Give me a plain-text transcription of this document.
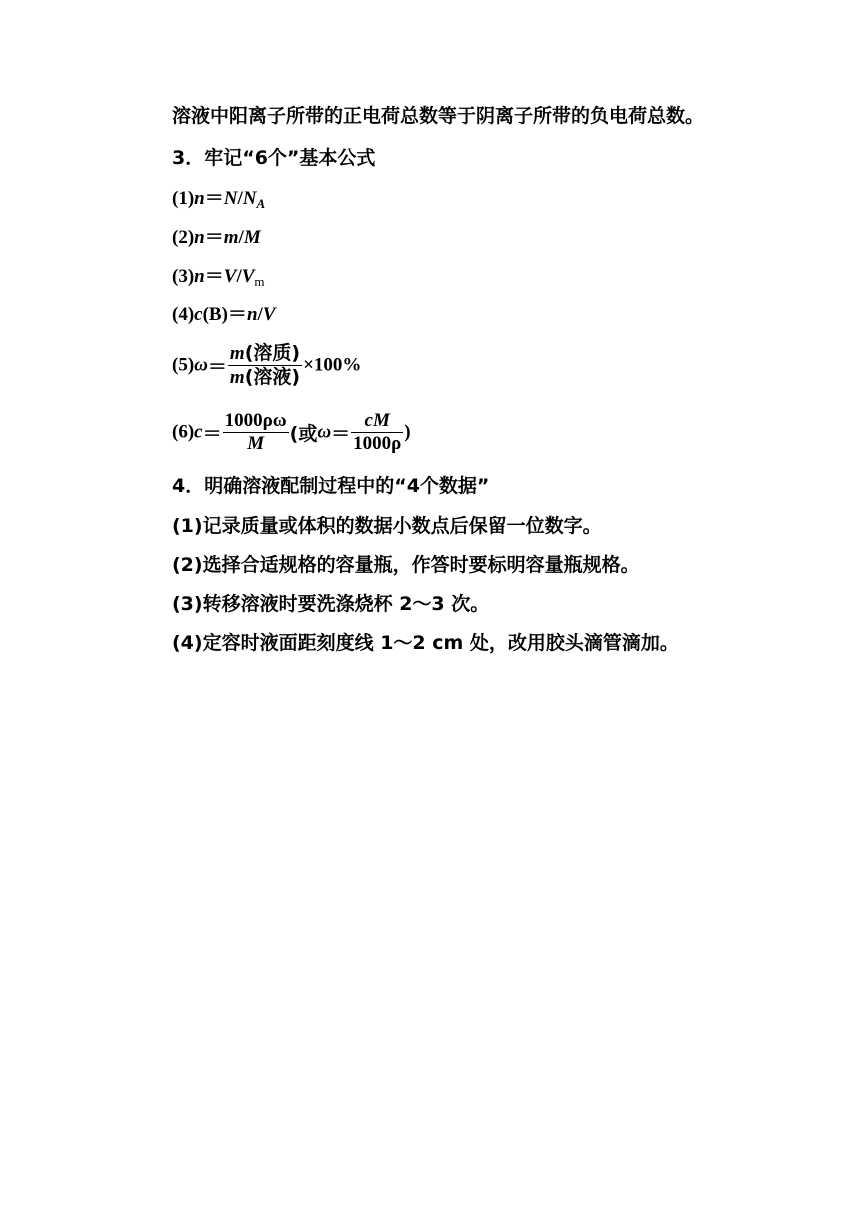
溶液中阳离子所带的正电荷总数等于阴离子所带的负电荷总数。
3．牢记“6个”基本公式
$(1)n=N/N_A$
(2)n＝m/M
$(3)n=V/V_m$
(4)c(B)＝n/V
$(5)\omega= \frac{\text{m(溶质)}}{\text{m(溶液)}} \times 100\%$
$(6)c= \frac{1000\rho\omega}{M}$ (或$\omega= \frac{cM}{1000\rho}$ )
4．明确溶液配制过程中的“4个数据”
(1)记录质量或体积的数据小数点后保留一位数字。
(2)选择合适规格的容量瓶，作答时要标明容量瓶规格。
(3)转移溶液时要洗涤烧杯 2～3 次。
(4)定容时液面距刻度线 1～2 cm 处，改用胶头滴管滴加。
